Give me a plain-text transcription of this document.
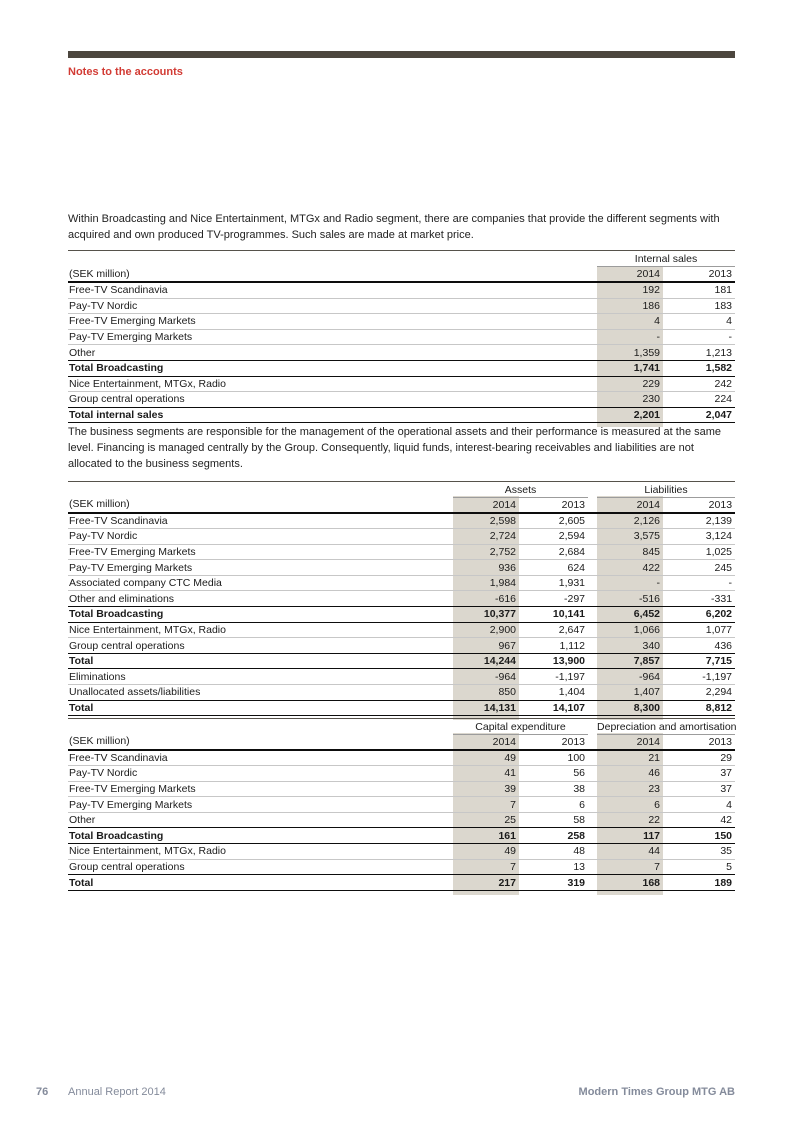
Notes to the accounts
Within Broadcasting and Nice Entertainment, MTGx and Radio segment, there are companies that provide the different segments with acquired and own produced TV-programmes. Such sales are made at market price.
	Internal sales	
(SEK million)	2014	2013
Free-TV Scandinavia	192	181
Pay-TV Nordic	186	183
Free-TV Emerging Markets	4	4
Pay-TV Emerging Markets	-	-
Other	1,359	1,213
Total Broadcasting	1,741	1,582
Nice Entertainment, MTGx, Radio	229	242
Group central operations	230	224
Total internal sales	2,201	2,047
The business segments are responsible for the management of the operational assets and their performance is measured at the same level. Financing is managed centrally by the Group. Consequently, liquid funds, interest-bearing receivables and liabilities are not allocated to the business segments.
	Assets			Liabilities	
(SEK million)	2014	2013		2014	2013
Free-TV Scandinavia	2,598	2,605		2,126	2,139
Pay-TV Nordic	2,724	2,594		3,575	3,124
Free-TV Emerging Markets	2,752	2,684		845	1,025
Pay-TV Emerging Markets	936	624		422	245
Associated company CTC Media	1,984	1,931		-	-
Other and eliminations	-616	-297		-516	-331
Total Broadcasting	10,377	10,141		6,452	6,202
Nice Entertainment, MTGx, Radio	2,900	2,647		1,066	1,077
Group central operations	967	1,112		340	436
Total	14,244	13,900		7,857	7,715
Eliminations	-964	-1,197		-964	-1,197
Unallocated assets/liabilities	850	1,404		1,407	2,294
Total	14,131	14,107		8,300	8,812
	Capital expenditure			Depreciation and amortisation	
(SEK million)	2014	2013		2014	2013
Free-TV Scandinavia	49	100		21	29
Pay-TV Nordic	41	56		46	37
Free-TV Emerging Markets	39	38		23	37
Pay-TV Emerging Markets	7	6		6	4
Other	25	58		22	42
Total Broadcasting	161	258		117	150
Nice Entertainment, MTGx, Radio	49	48		44	35
Group central operations	7	13		7	5
Total	217	319		168	189
76 Annual Report 2014	Modern Times Group MTG AB
